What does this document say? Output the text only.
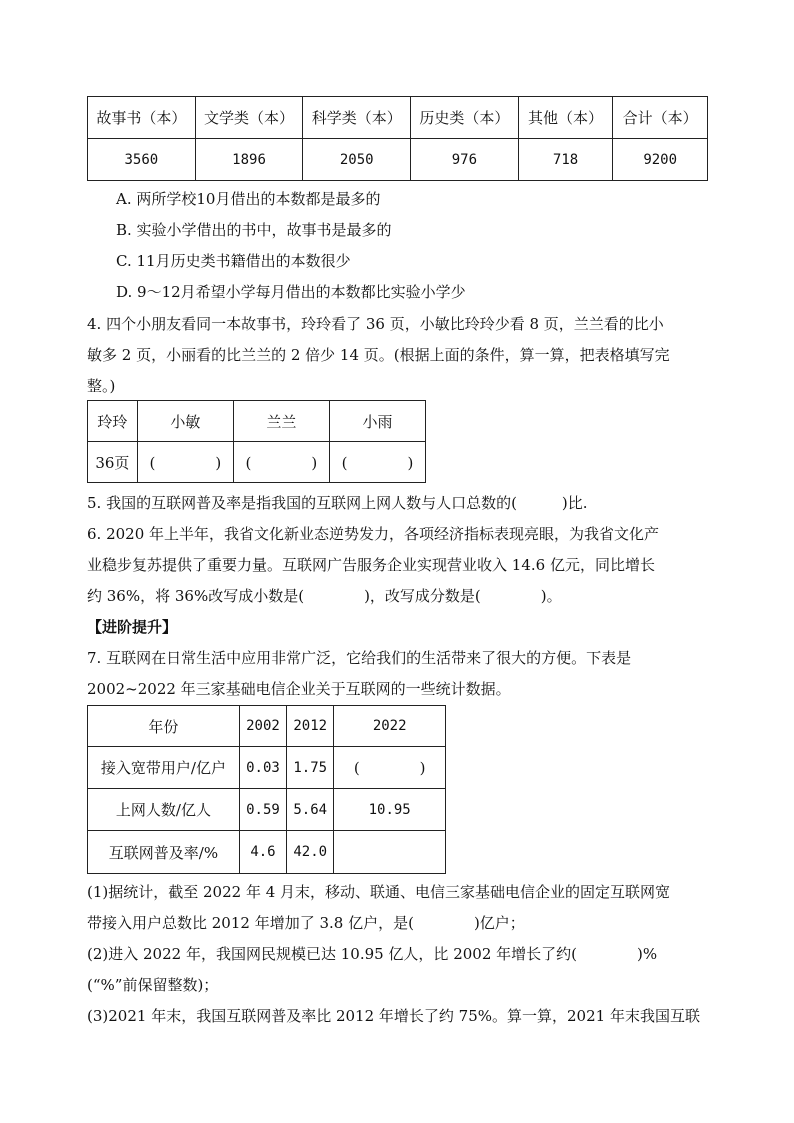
故事书（本）	文学类（本）	科学类（本）	历史类（本）	其他（本）	合计（本）
3560	1896	2050	976	718	9200
A. 两所学校10月借出的本数都是最多的
B. 实验小学借出的书中，故事书是最多的
C. 11月历史类书籍借出的本数很少
D. 9～12月希望小学每月借出的本数都比实验小学少
4. 四个小朋友看同一本故事书，玲玲看了 36 页，小敏比玲玲少看 8 页，兰兰看的比小
敏多 2 页，小丽看的比兰兰的 2 倍少 14 页。(根据上面的条件，算一算，把表格填写完
整。)
玲玲	小敏	兰兰	小雨
36页	(　　　　)	(　　　　)	(　　　　)
5. 我国的互联网普及率是指我国的互联网上网人数与人口总数的(　　　)比.
6. 2020 年上半年，我省文化新业态逆势发力，各项经济指标表现亮眼，为我省文化产
业稳步复苏提供了重要力量。互联网广告服务企业实现营业收入 14.6 亿元，同比增长
约 36%，将 36%改写成小数是(　　　　)，改写成分数是(　　　　)。
【进阶提升】
7. 互联网在日常生活中应用非常广泛，它给我们的生活带来了很大的方便。下表是
2002~2022 年三家基础电信企业关于互联网的一些统计数据。
年份	2002	2012	2022
接入宽带用户/亿户	0.03	1.75	(　　　　)
上网人数/亿人	0.59	5.64	10.95
互联网普及率/%	4.6	42.0	
(1)据统计，截至 2022 年 4 月末，移动、联通、电信三家基础电信企业的固定互联网宽
带接入用户总数比 2012 年增加了 3.8 亿户，是(　　　　)亿户；
(2)进入 2022 年，我国网民规模已达 10.95 亿人，比 2002 年增长了约(　　　　)%
(“%”前保留整数)；
(3)2021 年末，我国互联网普及率比 2012 年增长了约 75%。算一算，2021 年末我国互联
